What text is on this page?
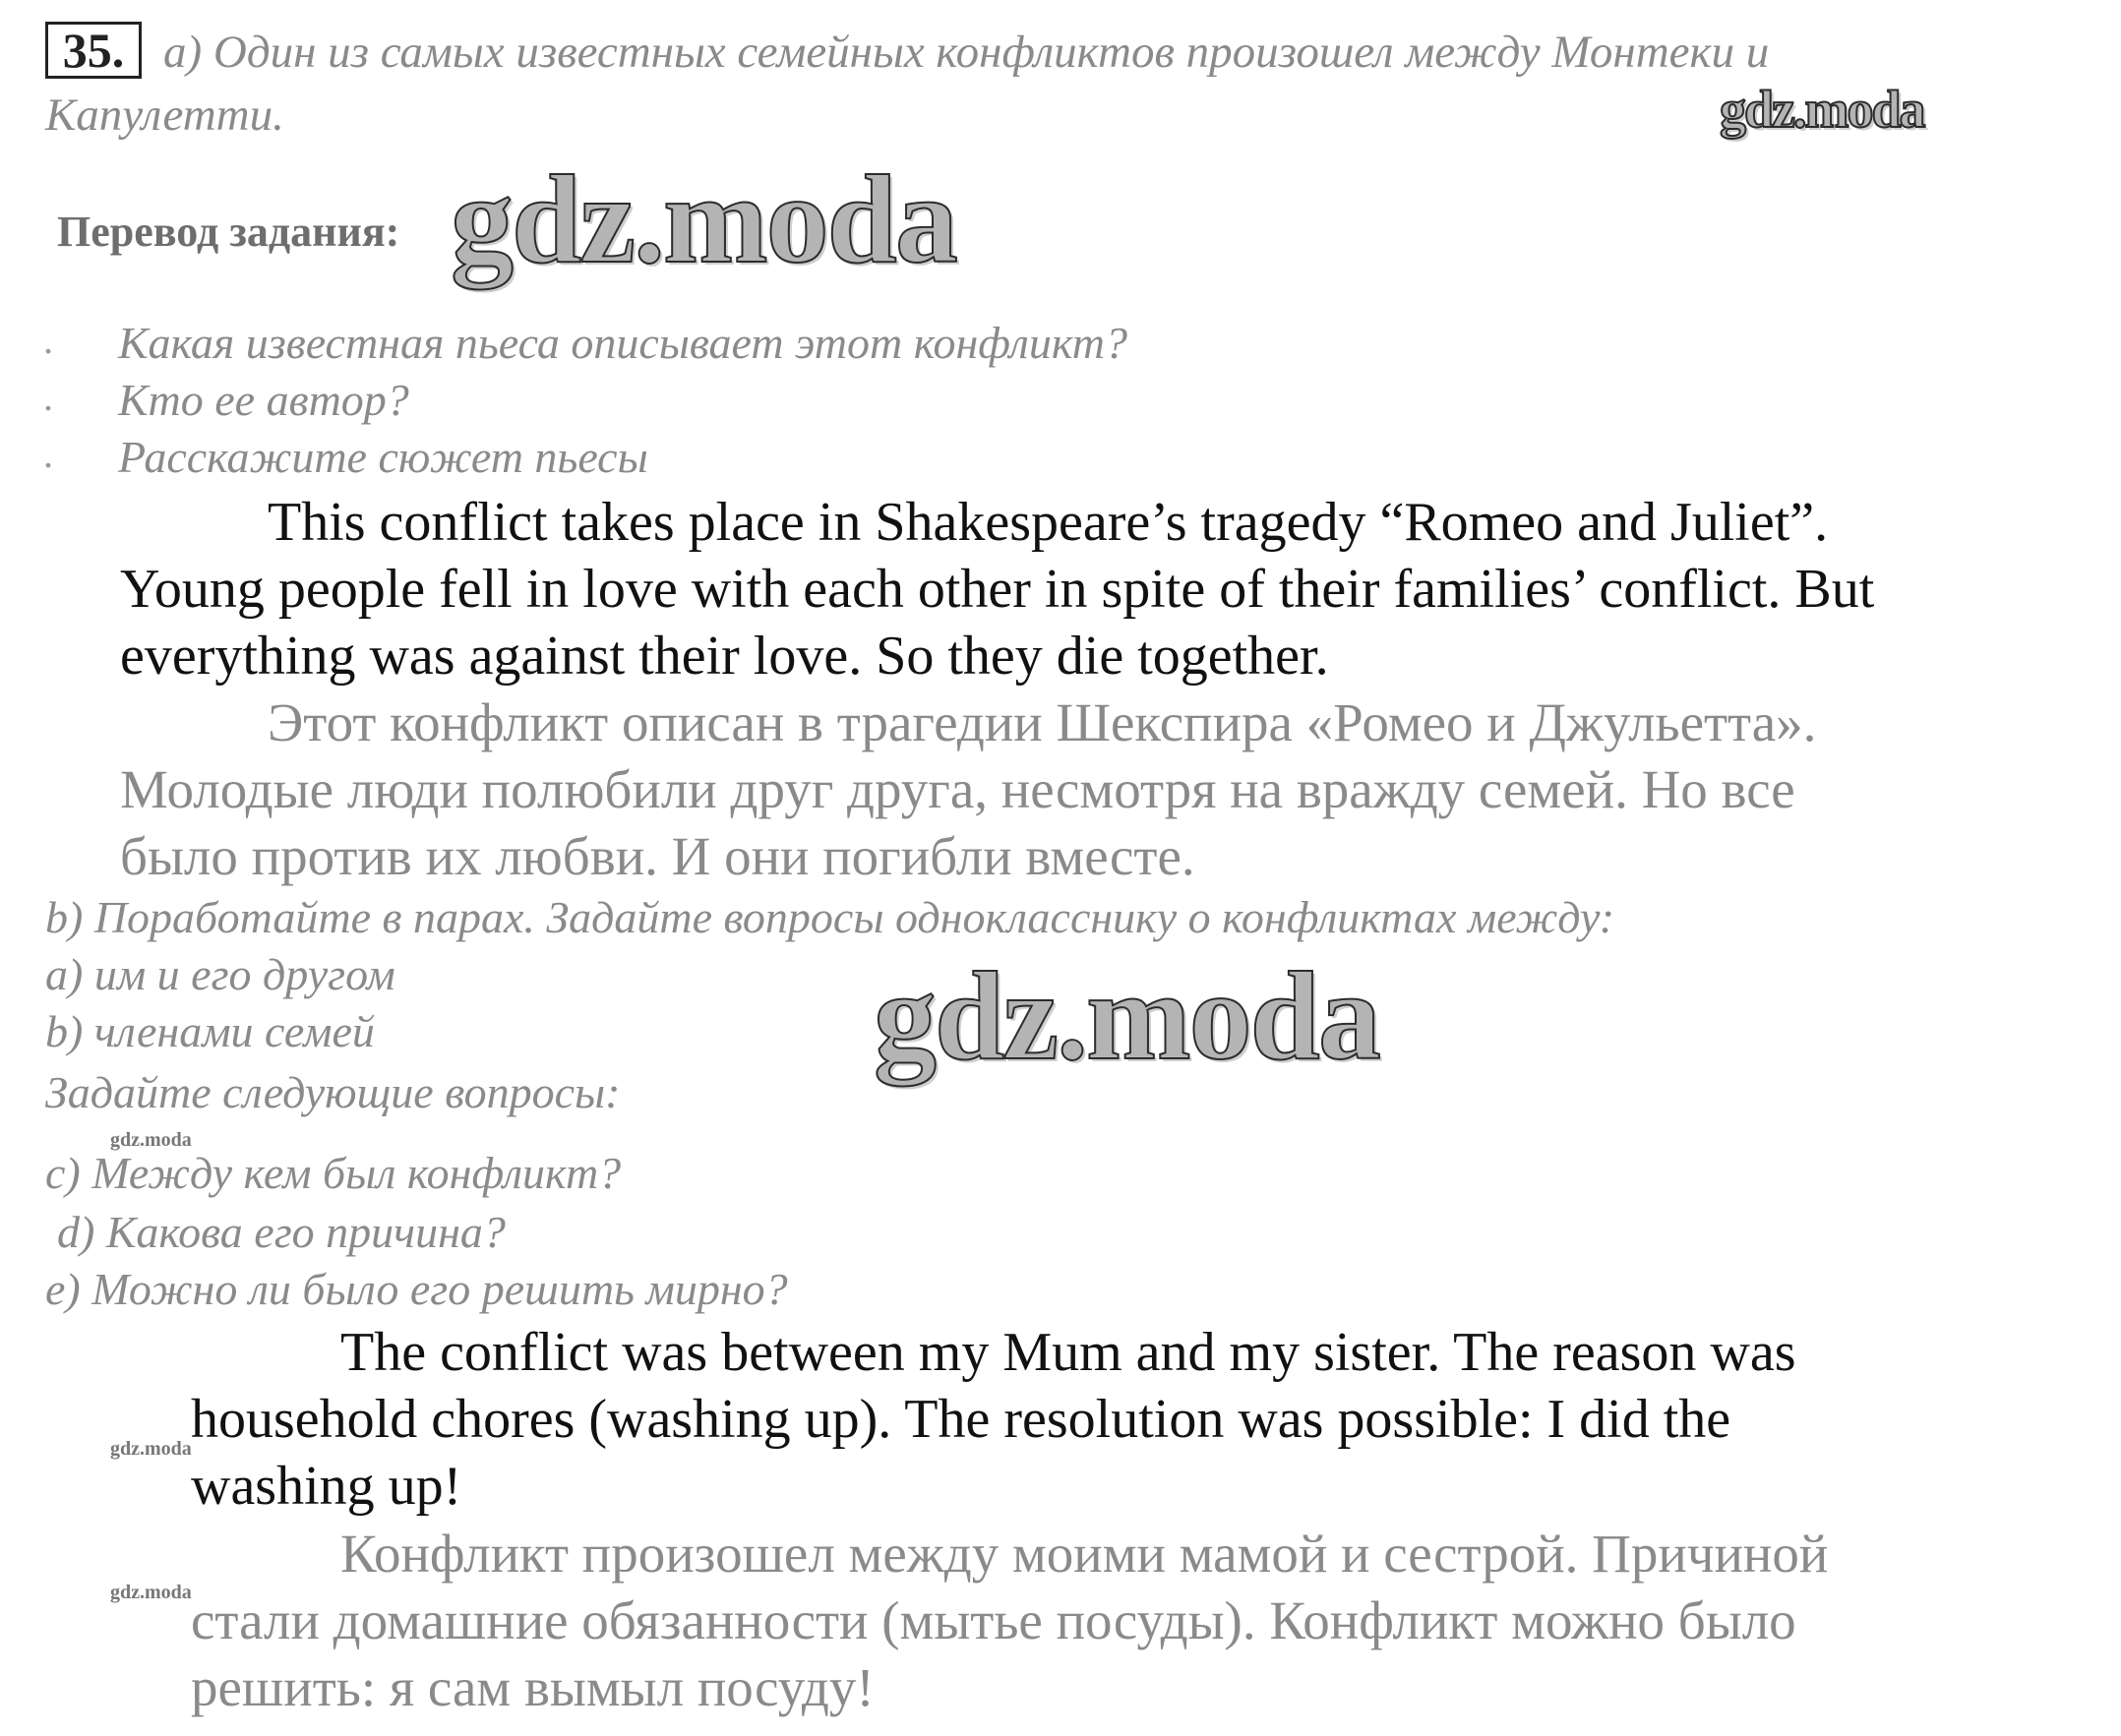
35. a) Один из самых известных семейных конфликтов произошел между Монтеки и
Капулетти.	gdz.moda
Перевод задания: gdz.moda
. Какая известная пьеса описывает этот конфликт?
. Кто ее автор?
. Расскажите сюжет пьесы
This conflict takes place in Shakespeare’s tragedy “Romeo and Juliet”.
Young people fell in love with each other in spite of their families’ conflict. But
everything was against their love. So they die together.
Этот конфликт описан в трагедии Шекспира «Ромео и Джульетта».
Молодые люди полюбили друг друга, несмотря на вражду семей. Но все
было против их любви. И они погибли вместе.
b) Поработайте в парах. Задайте вопросы однокласснику о конфликтах между:
a) им и его другом
b) членами семей
Задайте следующие вопросы:
gdz.moda
gdz.moda
c) Между кем был конфликт?
d) Какова его причина?
e) Можно ли было его решить мирно?
The conflict was between my Mum and my sister. The reason was
household chores (washing up). The resolution was possible: I did the
gdz.moda
washing up!
Конфликт произошел между моими мамой и сестрой. Причиной
gdz.moda стали домашние обязанности (мытье посуды). Конфликт можно было
решить: я сам вымыл посуду!
